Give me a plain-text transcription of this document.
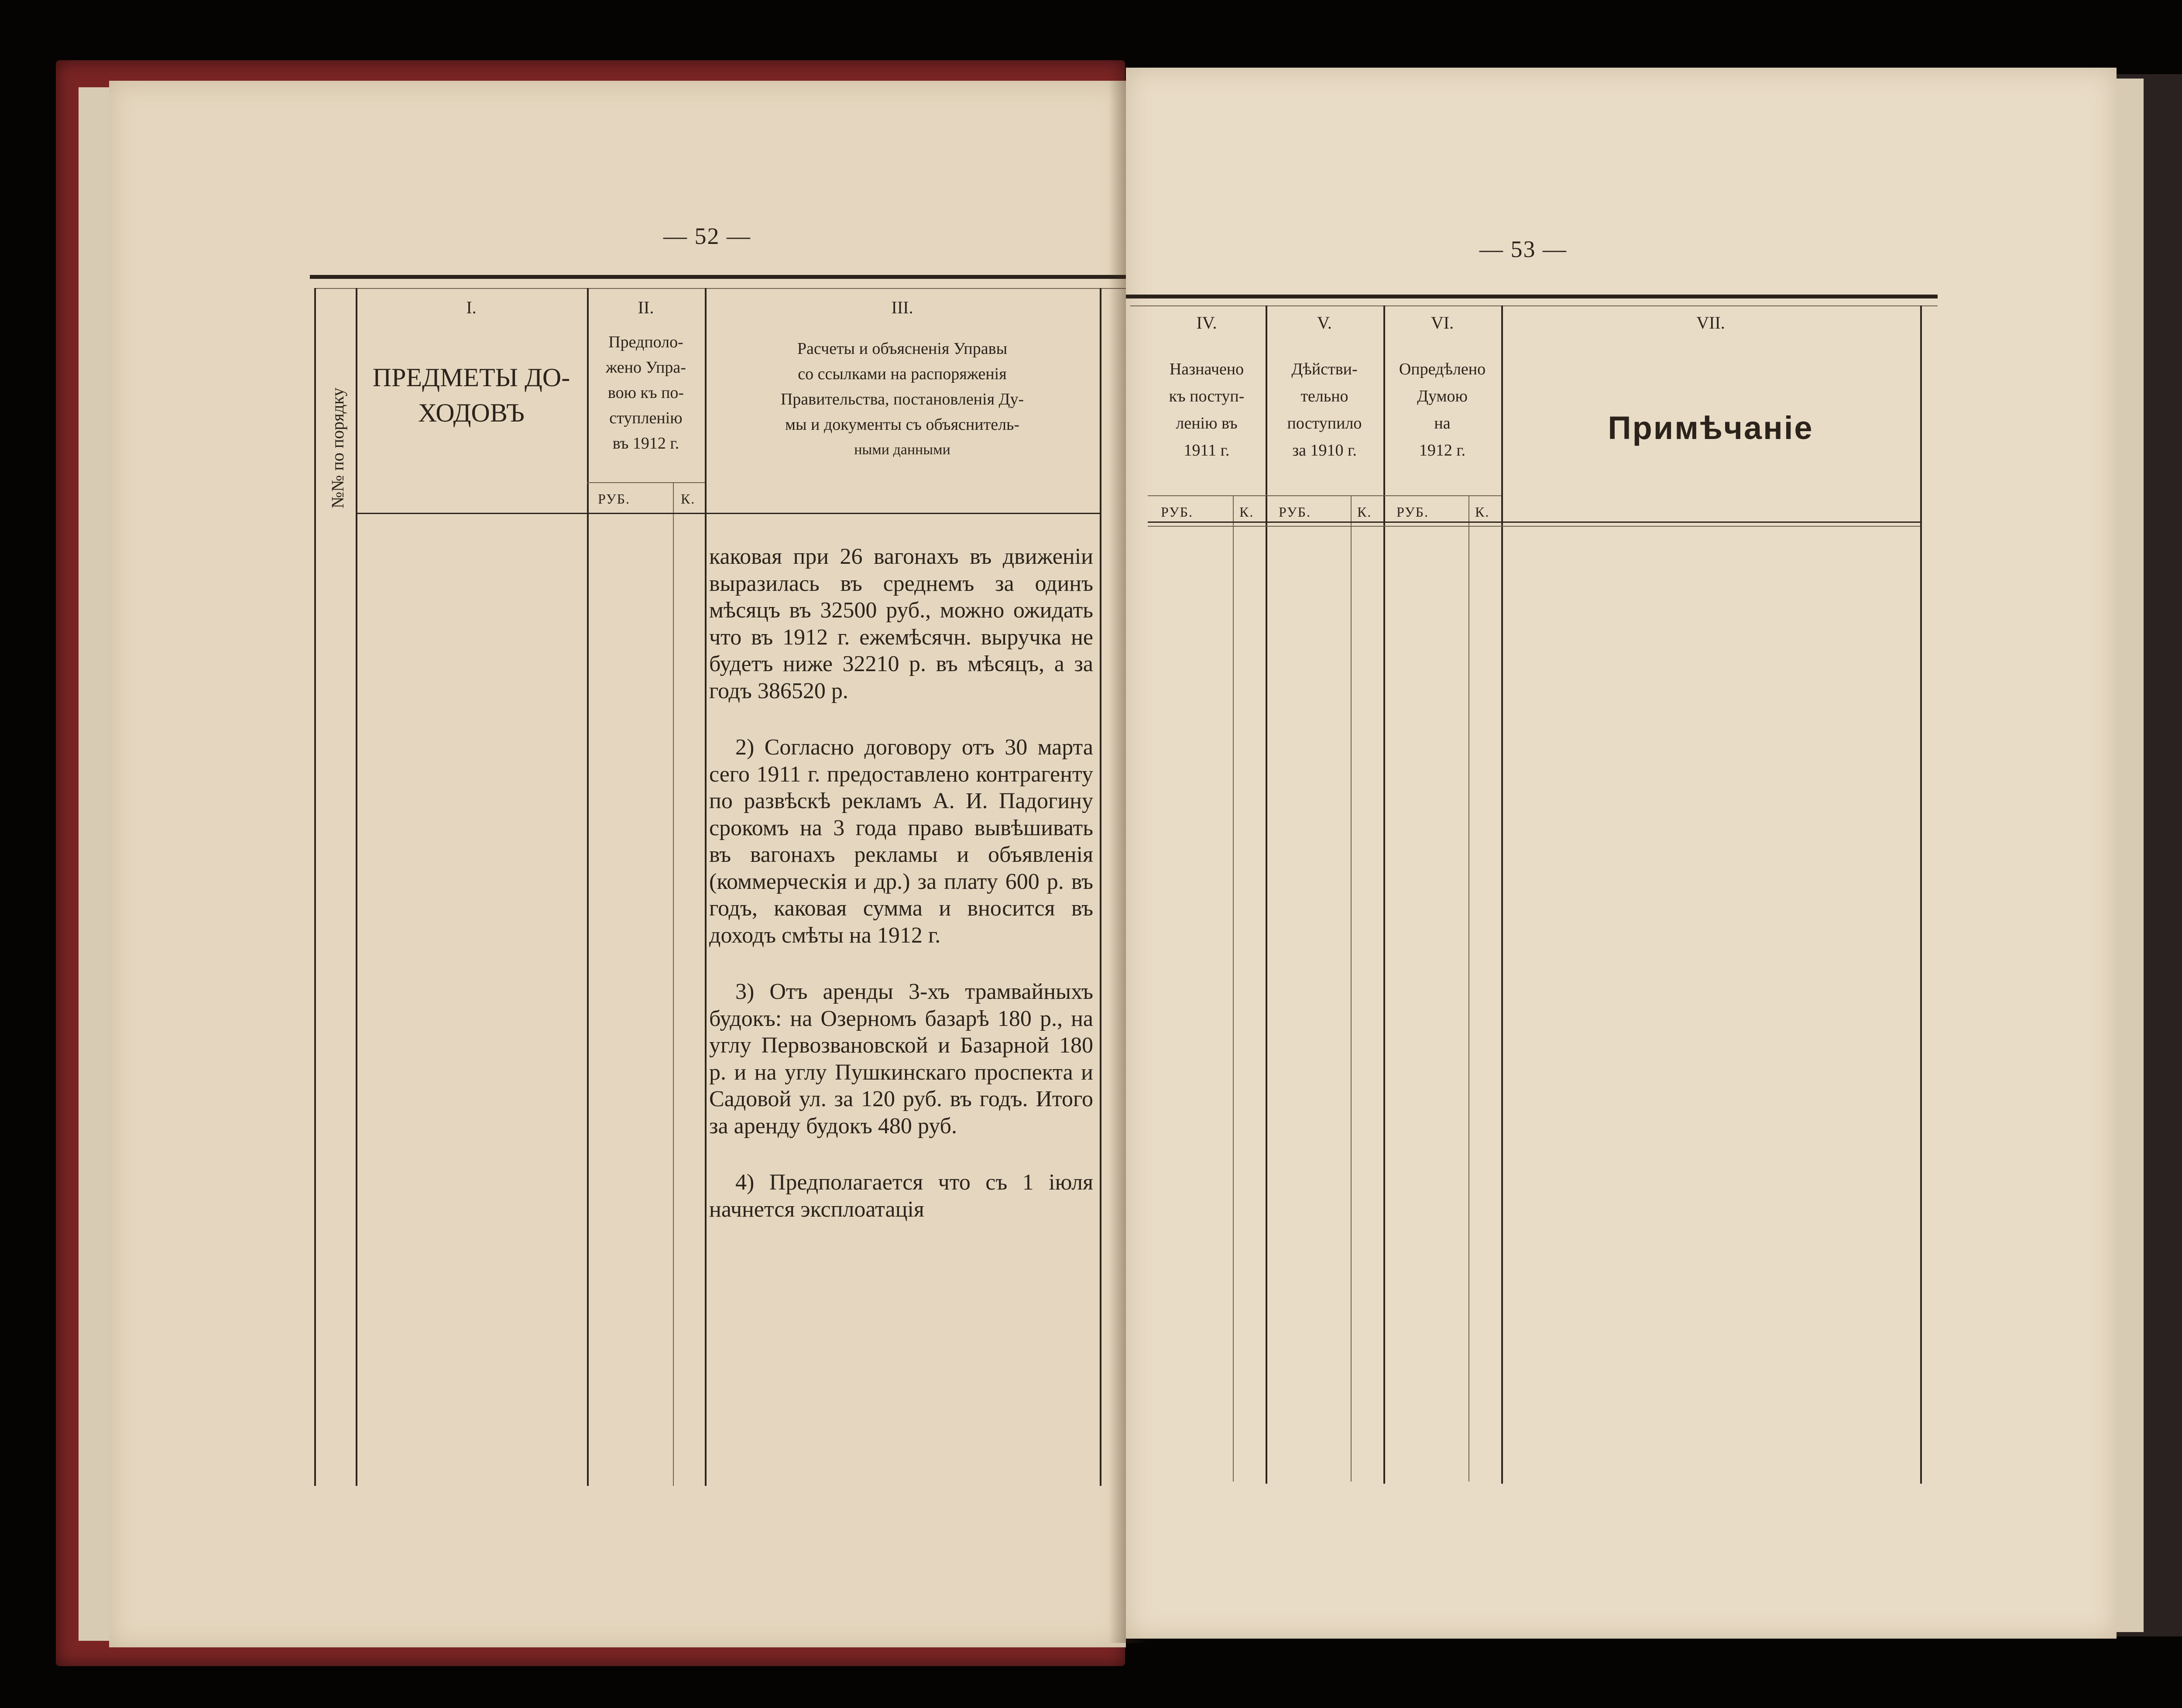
— 52 —
№№ по порядку
I.
ПРЕДМЕТЫ ДО-ХОДОВЪ
II.
Предполо-
жено Упра-
вою къ по-
ступленію
въ 1912 г.
РУБ.	К.
III.
Расчеты и объясненія Управы
со ссылками на распоряженія
Правительства, постановленія Ду-
мы и документы съ объяснитель-
ными данными

каковая при 26 вагонахъ въ движеніи выразилась въ среднемъ за одинъ мѣсяцъ въ 32500 руб., можно ожидать что въ 1912 г. ежемѣсячн. выручка не будетъ ниже 32210 р. въ мѣсяцъ, а за годъ 386520 р.

2) Согласно договору отъ 30 марта сего 1911 г. предоставлено контрагенту по развѣскѣ рекламъ А. И. Падогину срокомъ на 3 года право вывѣшивать въ вагонахъ рекламы и объявленія (коммерческія и др.) за плату 600 р. въ годъ, каковая сумма и вносится въ доходъ смѣты на 1912 г.

3) Отъ аренды 3-хъ трамвайныхъ будокъ: на Озерномъ базарѣ 180 р., на углу Первозвановской и Базарной 180 р. и на углу Пушкинскаго проспекта и Садовой ул. за 120 руб. въ годъ. Итого за аренду будокъ 480 руб.

4) Предполагается что съ 1 іюля начнется эксплоатація

— 53 —
IV.
Назначено
къ поступ-
ленію въ
1911 г.
РУБ.	К.
V.
Дѣйстви-
тельно
поступило
за 1910 г.
РУБ.	К.
VI.
Опредѣлено
Думою
на
1912 г.
РУБ.	К.
VII.
Примѣчаніе
